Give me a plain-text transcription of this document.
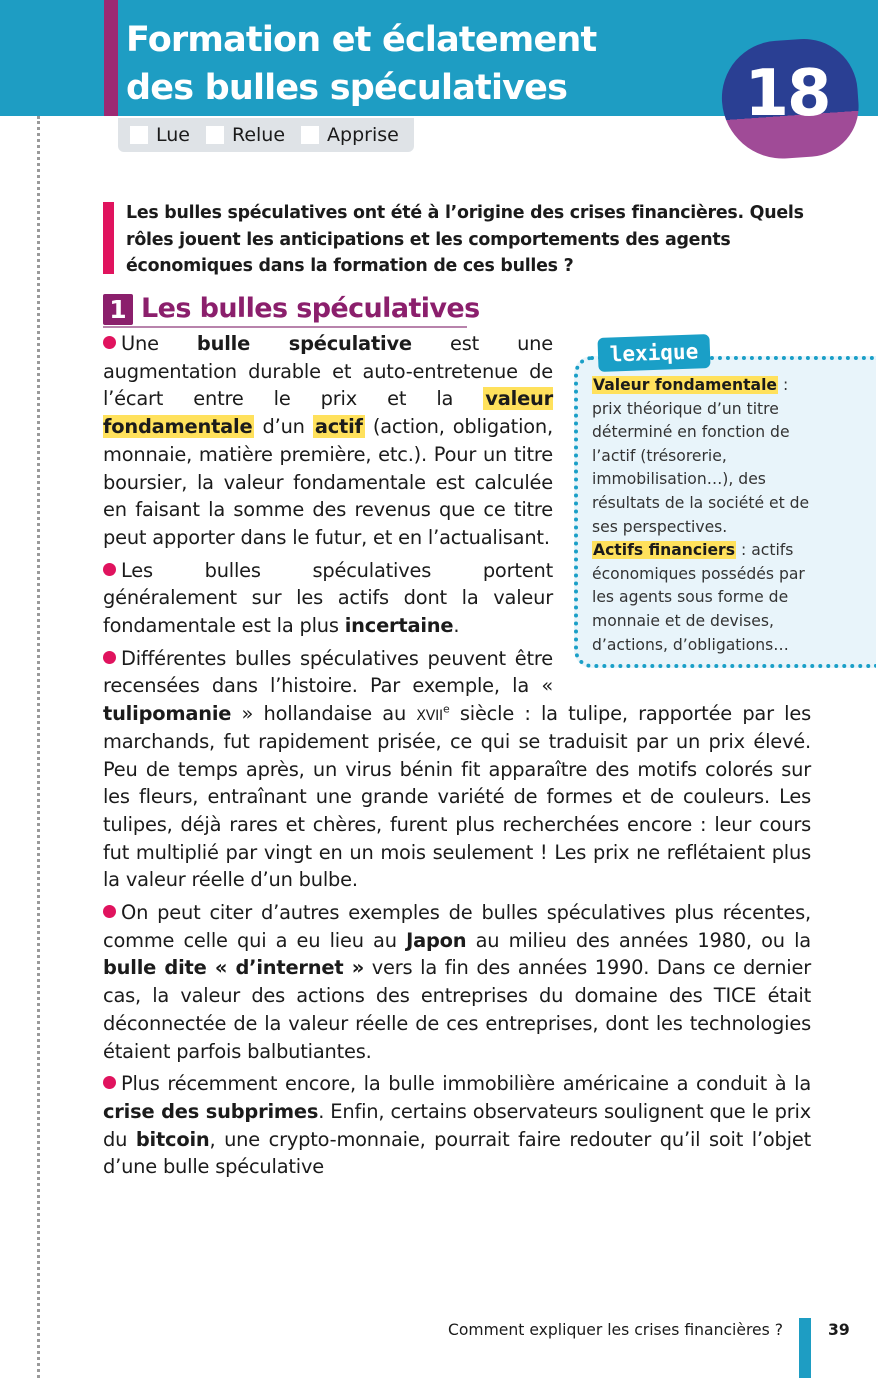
Formation et éclatement
des bulles spéculatives	18
Lue Relue Apprise
Les bulles spéculatives ont été à l’origine des crises financières. Quels rôles jouent les anticipations et les comportements des agents économiques dans la formation de ces bulles ?
1 Les bulles spéculatives
lexique

Valeur fondamentale : prix théorique d’un titre déterminé en fonction de l’actif (trésorerie, immobilisation…), des résultats de la société et de ses perspectives.

Actifs financiers : actifs économiques possédés par les agents sous forme de monnaie et de devises, d’actions, d’obligations…

Une bulle spéculative est une augmentation durable et auto-entretenue de l’écart entre le prix et la valeur fondamentale d’un actif (action, obligation, monnaie, matière première, etc.). Pour un titre boursier, la valeur fondamentale est calculée en faisant la somme des revenus que ce titre peut apporter dans le futur, et en l’actualisant.

Les bulles spéculatives portent généralement sur les actifs dont la valeur fondamentale est la plus incertaine.

Différentes bulles spéculatives peuvent être recensées dans l’histoire. Par exemple, la « tulipomanie » hollandaise au xvii$^e$ siècle : la tulipe, rapportée par les marchands, fut rapidement prisée, ce qui se traduisit par un prix élevé. Peu de temps après, un virus bénin fit apparaître des motifs colorés sur les fleurs, entraînant une grande variété de formes et de couleurs. Les tulipes, déjà rares et chères, furent plus recherchées encore : leur cours fut multiplié par vingt en un mois seulement ! Les prix ne reflétaient plus la valeur réelle d’un bulbe.

On peut citer d’autres exemples de bulles spéculatives plus récentes, comme celle qui a eu lieu au Japon au milieu des années 1980, ou la bulle dite « d’internet » vers la fin des années 1990. Dans ce dernier cas, la valeur des actions des entreprises du domaine des TICE était déconnectée de la valeur réelle de ces entreprises, dont les technologies étaient parfois balbutiantes.

Plus récemment encore, la bulle immobilière américaine a conduit à la crise des subprimes. Enfin, certains observateurs soulignent que le prix du bitcoin, une crypto-monnaie, pourrait faire redouter qu’il soit l’objet d’une bulle spéculative

Comment expliquer les crises financières ?	39
